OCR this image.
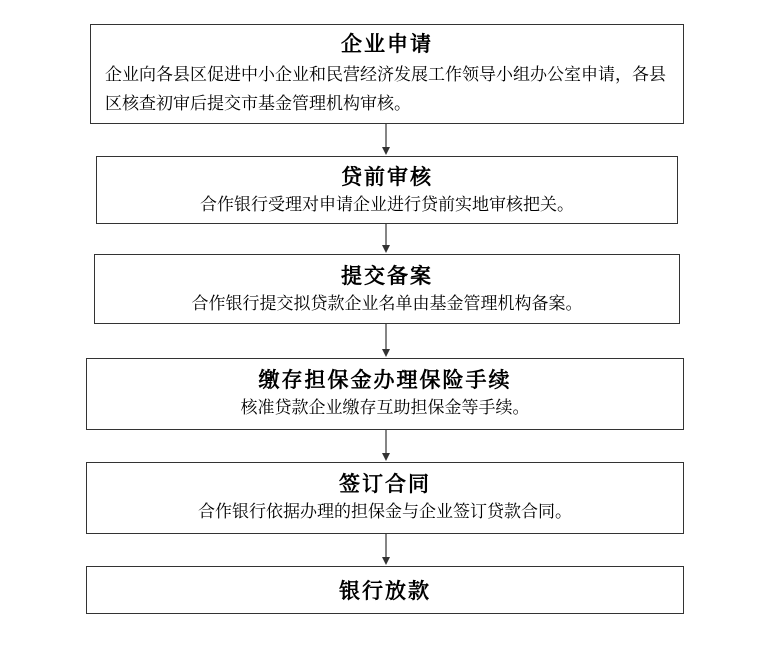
企业申请
企业向各县区促进中小企业和民营经济发展工作领导小组办公室申请，各县区核查初审后提交市基金管理机构审核。
贷前审核
合作银行受理对申请企业进行贷前实地审核把关。
提交备案
合作银行提交拟贷款企业名单由基金管理机构备案。
缴存担保金办理保险手续
核准贷款企业缴存互助担保金等手续。
签订合同
合作银行依据办理的担保金与企业签订贷款合同。
银行放款
